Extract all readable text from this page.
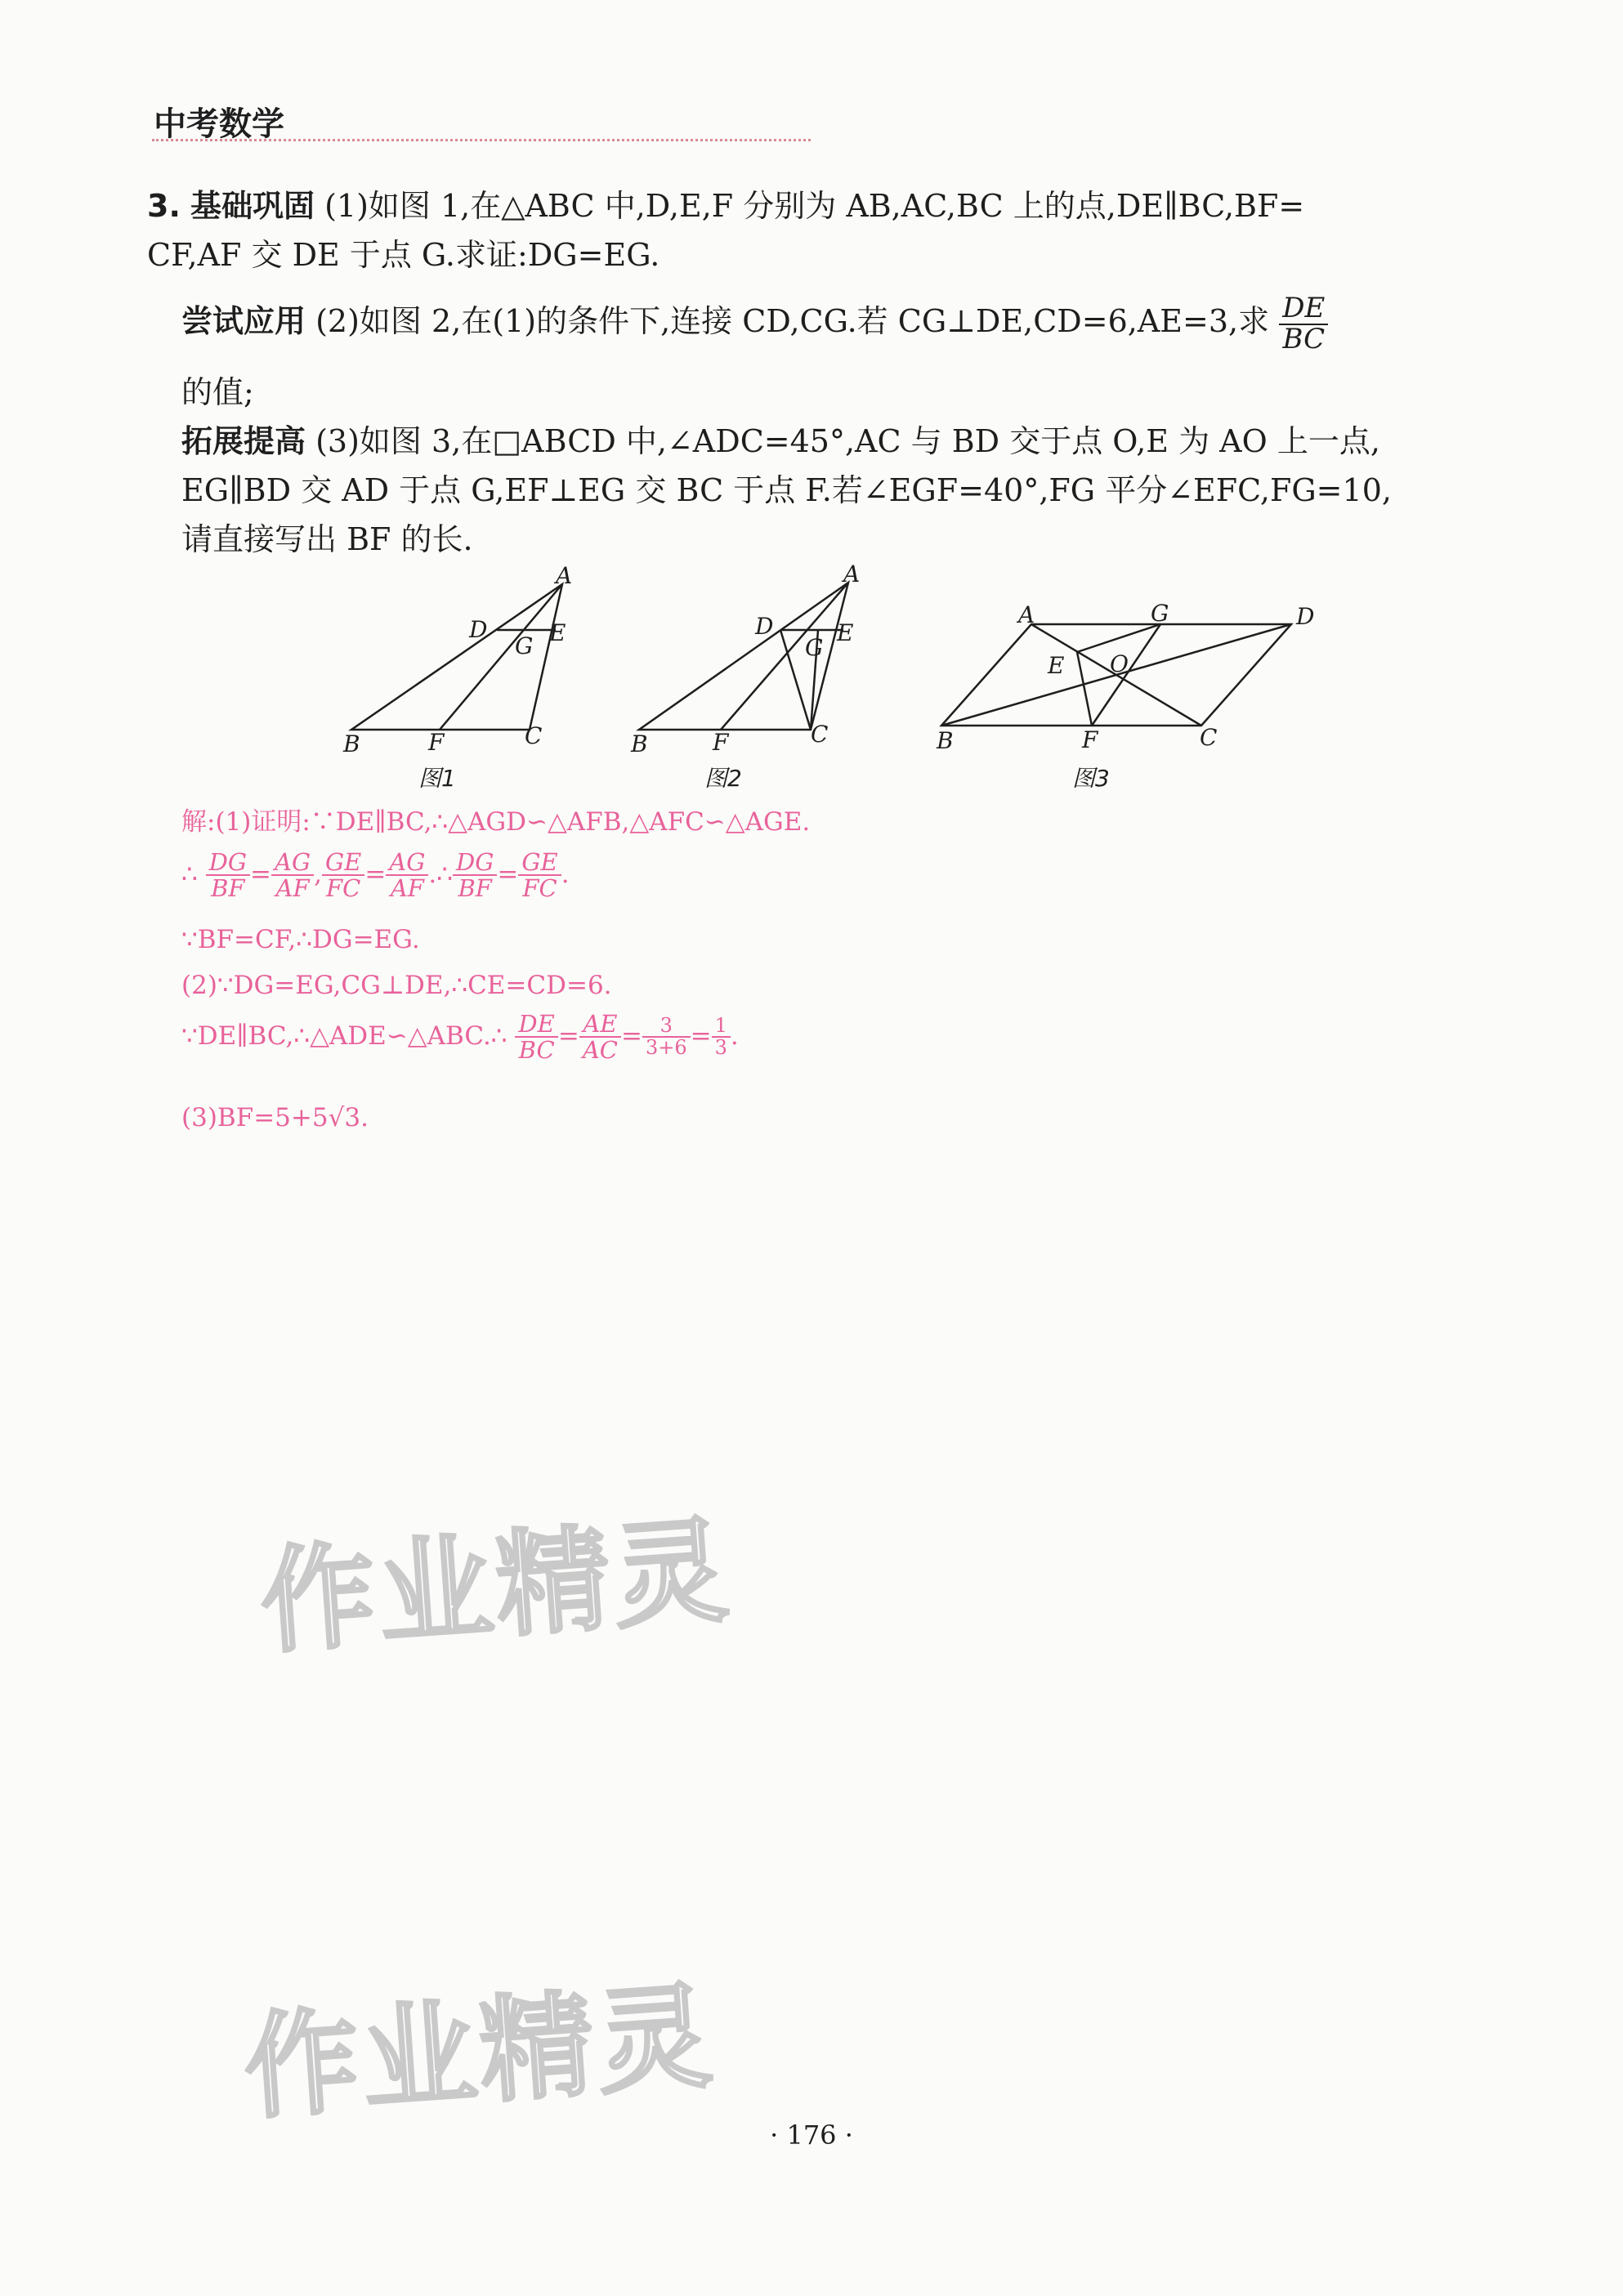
中考数学
3. 基础巩固 (1)如图 1,在△ABC 中,D,E,F 分别为 AB,AC,BC 上的点,DE∥BC,BF=
CF,AF 交 DE 于点 G.求证:DG=EG.
尝试应用 (2)如图 2,在(1)的条件下,连接 CD,CG.若 CG⊥DE,CD=6,AE=3,求 $\frac{DE}{BC}$
的值;
拓展提高 (3)如图 3,在□ABCD 中,∠ADC=45°,AC 与 BD 交于点 O,E 为 AO 上一点,
EG∥BD 交 AD 于点 G,EF⊥EG 交 BC 于点 F.若∠EGF=40°,FG 平分∠EFC,FG=10,
请直接写出 BF 的长.
A
B	C
D	E
F
G
图1
A
B	C
D	E
F
G
图2
A
B	C
D
E
F
G
O
图3
解:(1)证明:∵DE∥BC,∴△AGD∽△AFB,△AFC∽△AGE.
∴ $\frac{DG}{BF} = \frac{AG}{AF}$ , $\frac{GE}{FC} = \frac{AG}{AF}$ .∴ $\frac{DG}{BF} = \frac{GE}{FC}$ .
∵BF=CF,∴DG=EG.
(2)∵DG=EG,CG⊥DE,∴CE=CD=6.
∵DE∥BC,∴△ADE∽△ABC.∴ $\frac{DE}{BC} = \frac{AE}{AC} = \frac{3}{3+6} = \frac{1}{3}$ .
(3)BF=5+5√3.
作业精灵
作业精灵	· 176 ·
